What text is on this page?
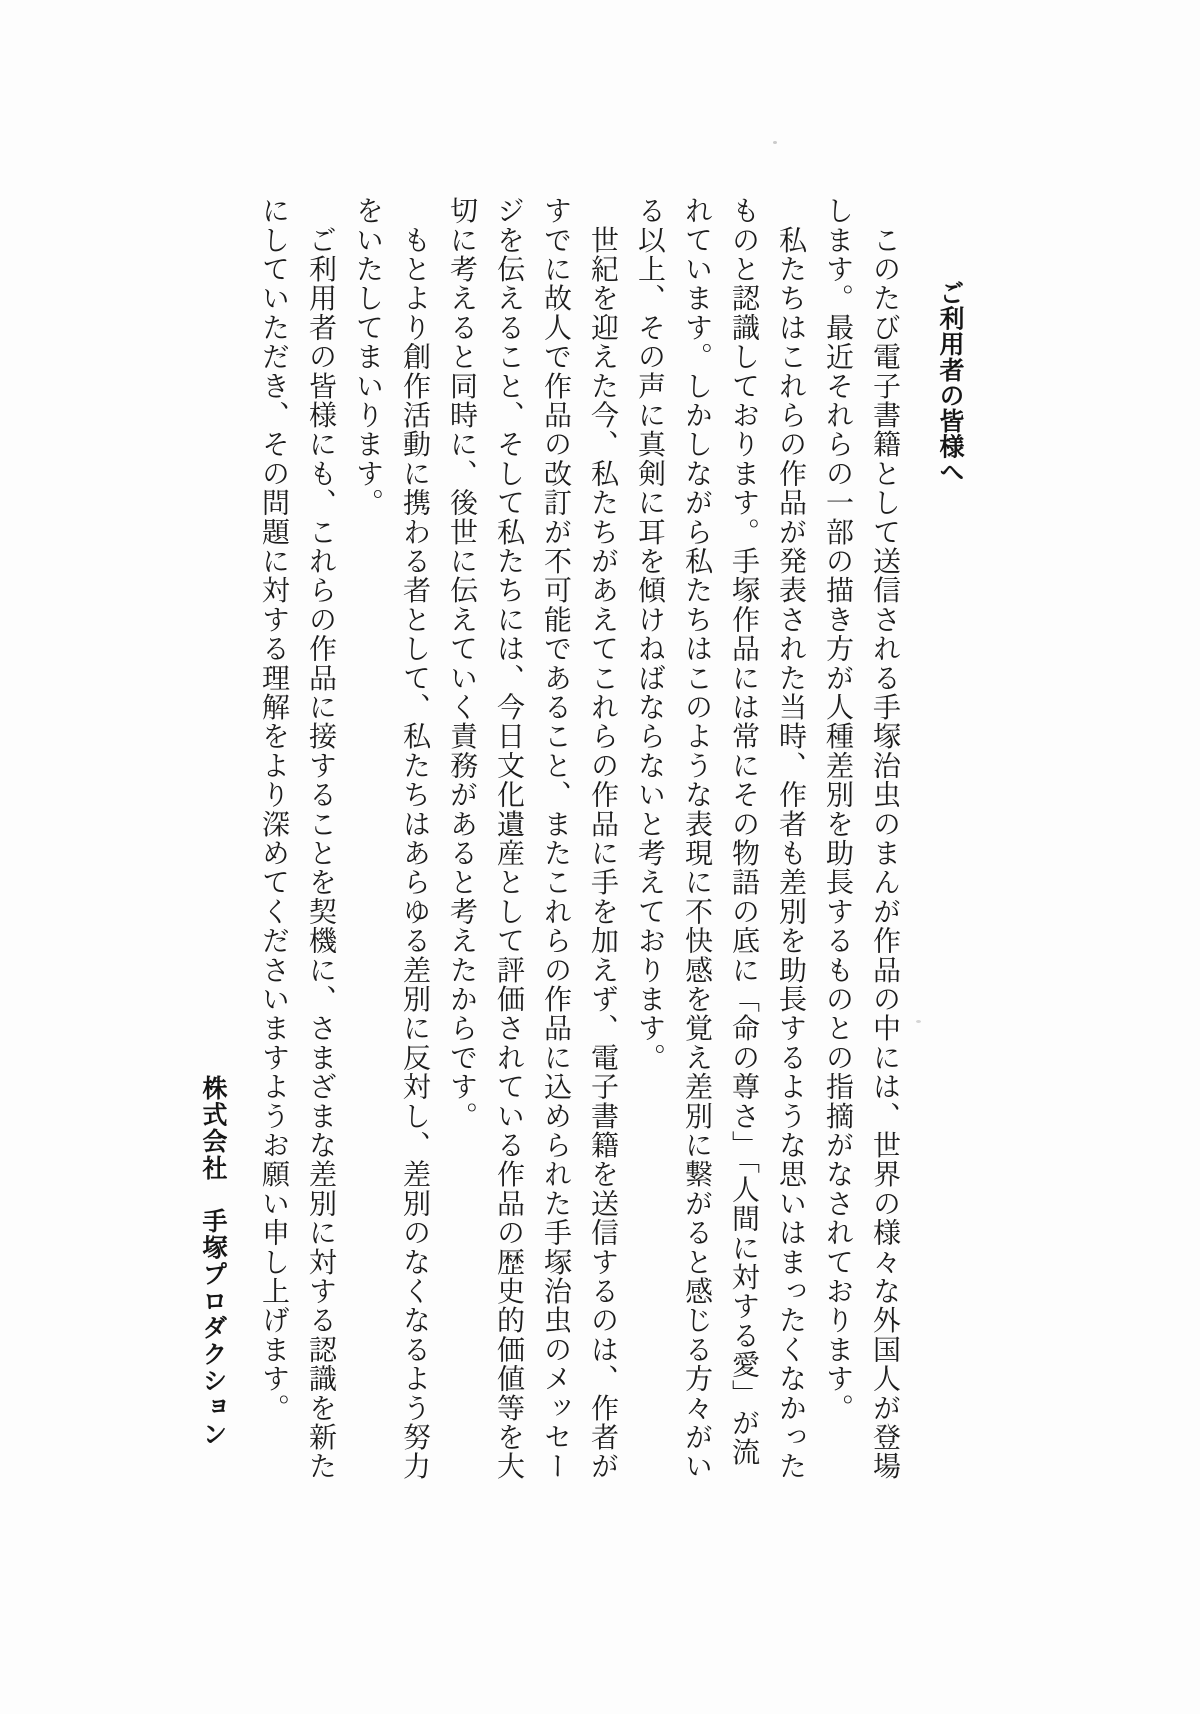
ご利用者の皆様へ
　このたび電子書籍として送信される手塚治虫のまんが作品の中には、世界の様々な外国人が登場
します。最近それらの一部の描き方が人種差別を助長するものとの指摘がなされております。
　私たちはこれらの作品が発表された当時、作者も差別を助長するような思いはまったくなかった
ものと認識しております。手塚作品には常にその物語の底に「命の尊さ」「人間に対する愛」が流
れています。しかしながら私たちはこのような表現に不快感を覚え差別に繋がると感じる方々がい
る以上、その声に真剣に耳を傾けねばならないと考えております。
　世紀を迎えた今、私たちがあえてこれらの作品に手を加えず、電子書籍を送信するのは、作者が
すでに故人で作品の改訂が不可能であること、またこれらの作品に込められた手塚治虫のメッセー
ジを伝えること、そして私たちには、今日文化遺産として評価されている作品の歴史的価値等を大
切に考えると同時に、後世に伝えていく責務があると考えたからです。
　もとより創作活動に携わる者として、私たちはあらゆる差別に反対し、差別のなくなるよう努力
をいたしてまいります。
　ご利用者の皆様にも、これらの作品に接することを契機に、さまざまな差別に対する認識を新た
にしていただき、その問題に対する理解をより深めてくださいますようお願い申し上げます。
株式会社　手塚プロダクション
